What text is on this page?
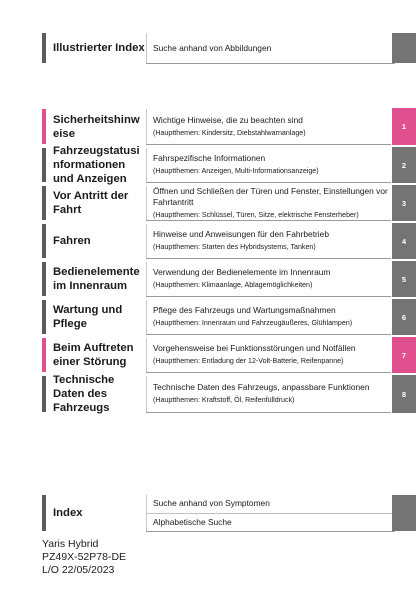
Illustrierter Index Suche anhand von Abbildungen
Sicherheitshinw
eise
Wichtige Hinweise, die zu beachten sind
(Hauptthemen: Kindersitz, Diebstahlwarnanlage)
1
Fahrzeugstatusi
nformationen
und Anzeigen
Fahrspezifische Informationen
(Hauptthemen: Anzeigen, Multi-Informationsanzeige)
2
Vor Antritt der
Fahrt
Öffnen und Schließen der Türen und Fenster, Einstellungen vor Fahrtantritt
(Hauptthemen: Schlüssel, Türen, Sitze, elektrische Fensterheber)
3
Fahren
Hinweise und Anweisungen für den Fahrbetrieb
(Hauptthemen: Starten des Hybridsystems, Tanken)
4
Bedienelemente
im Innenraum
Verwendung der Bedienelemente im Innenraum
(Hauptthemen: Klimaanlage, Ablagemöglichkeiten)
5
Wartung und
Pflege
Pflege des Fahrzeugs und Wartungsmaßnahmen
(Hauptthemen: Innenraum und Fahrzeugäußeres, Glühlampen)
6
Beim Auftreten
einer Störung
Vorgehensweise bei Funktionsstörungen und Notfällen
(Hauptthemen: Entladung der 12-Volt-Batterie, Reifenpanne)
7
Technische
Daten des
Fahrzeugs
Technische Daten des Fahrzeugs, anpassbare Funktionen
(Hauptthemen: Kraftstoff, Öl, Reifenfülldruck)
8
Index
Suche anhand von Symptomen
Alphabetische Suche
Yaris Hybrid
PZ49X-52P78-DE
L/O 22/05/2023
